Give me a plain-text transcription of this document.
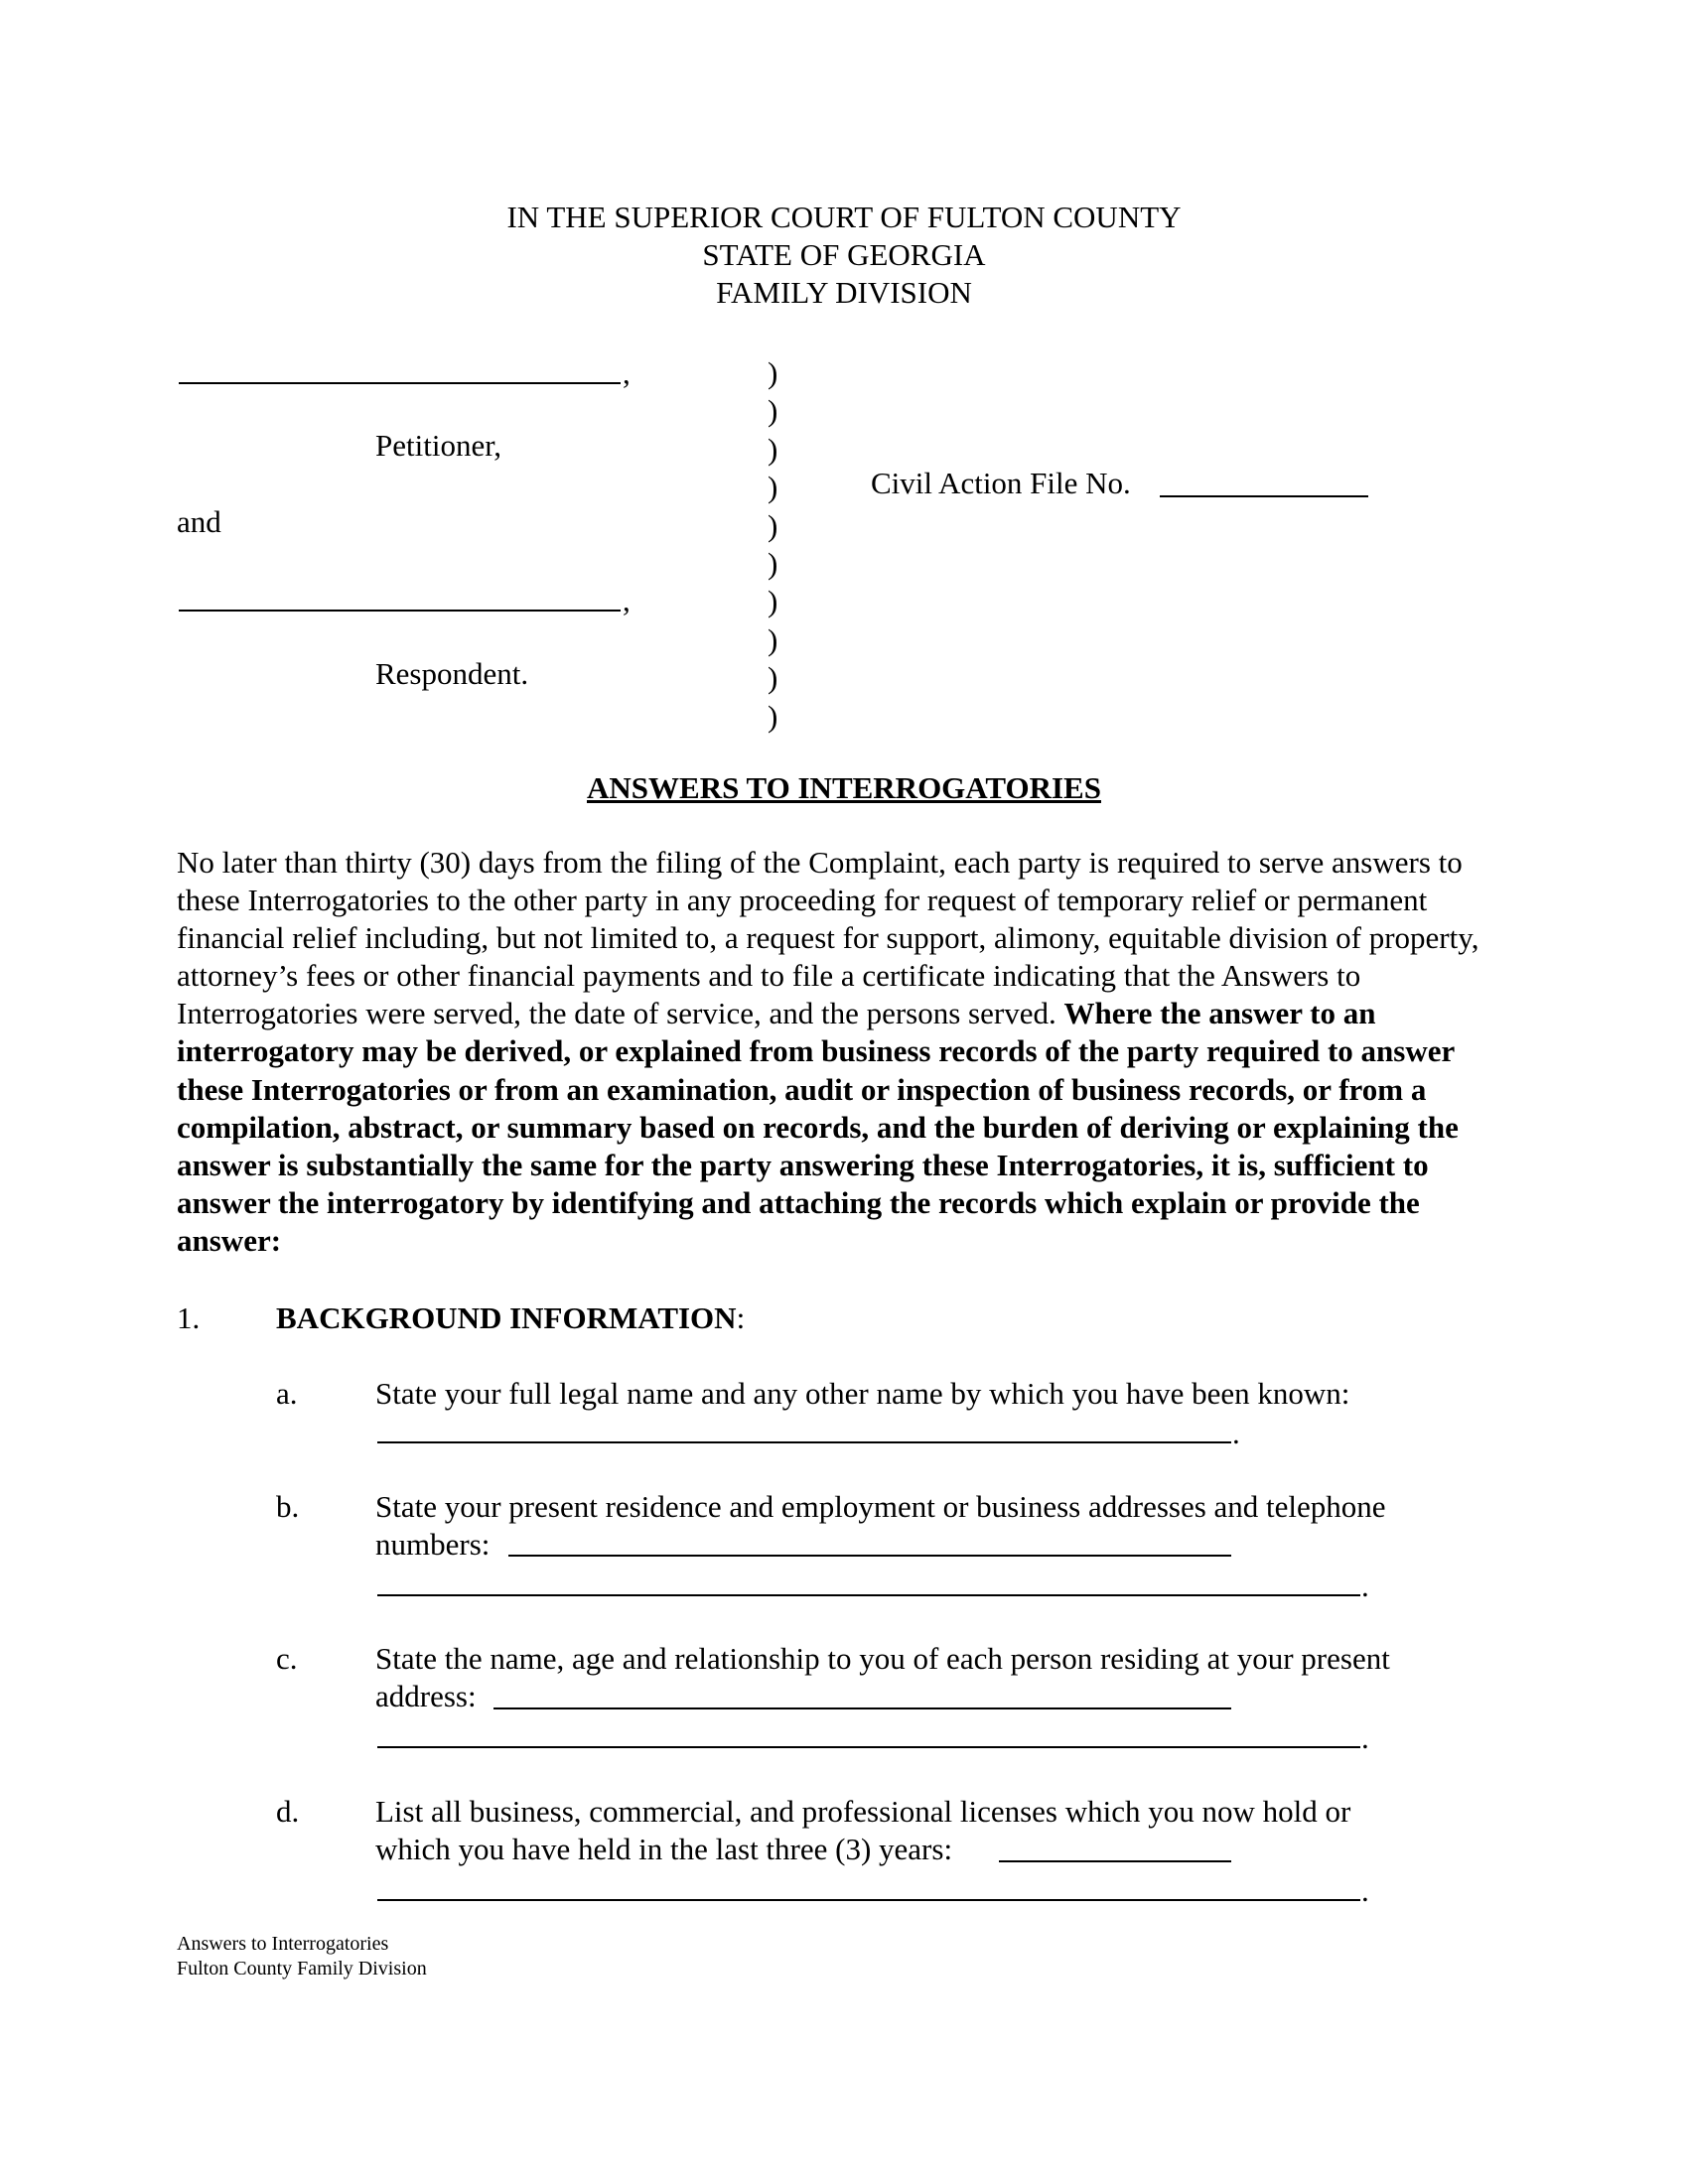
IN THE SUPERIOR COURT OF FULTON COUNTY
STATE OF GEORGIA
FAMILY DIVISION
,
Petitioner,
and
,
Respondent.
)
)
)
)
)
)
)
)
)
)
Civil Action File No.
ANSWERS TO INTERROGATORIES
No later than thirty (30) days from the filing of the Complaint, each party is required to serve answers to these Interrogatories to the other party in any proceeding for request of temporary relief or permanent financial relief including, but not limited to, a request for support, alimony, equitable division of property, attorney’s fees or other financial payments and to file a certificate indicating that the Answers to Interrogatories were served, the date of service, and the persons served. Where the answer to an interrogatory may be derived, or explained from business records of the party required to answer these Interrogatories or from an examination, audit or inspection of business records, or from a compilation, abstract, or summary based on records, and the burden of deriving or explaining the answer is substantially the same for the party answering these Interrogatories, it is, sufficient to answer the interrogatory by identifying and attaching the records which explain or provide the answer:
1. BACKGROUND INFORMATION:
a.	State your full legal name and any other name by which you have been known:
.
b. State your present residence and employment or business addresses and telephone
numbers:
.
c.	State the name, age and relationship to you of each person residing at your present
address:
.
d. List all business, commercial, and professional licenses which you now hold or
which you have held in the last three (3) years:
.
Answers to Interrogatories
Fulton County Family Division
